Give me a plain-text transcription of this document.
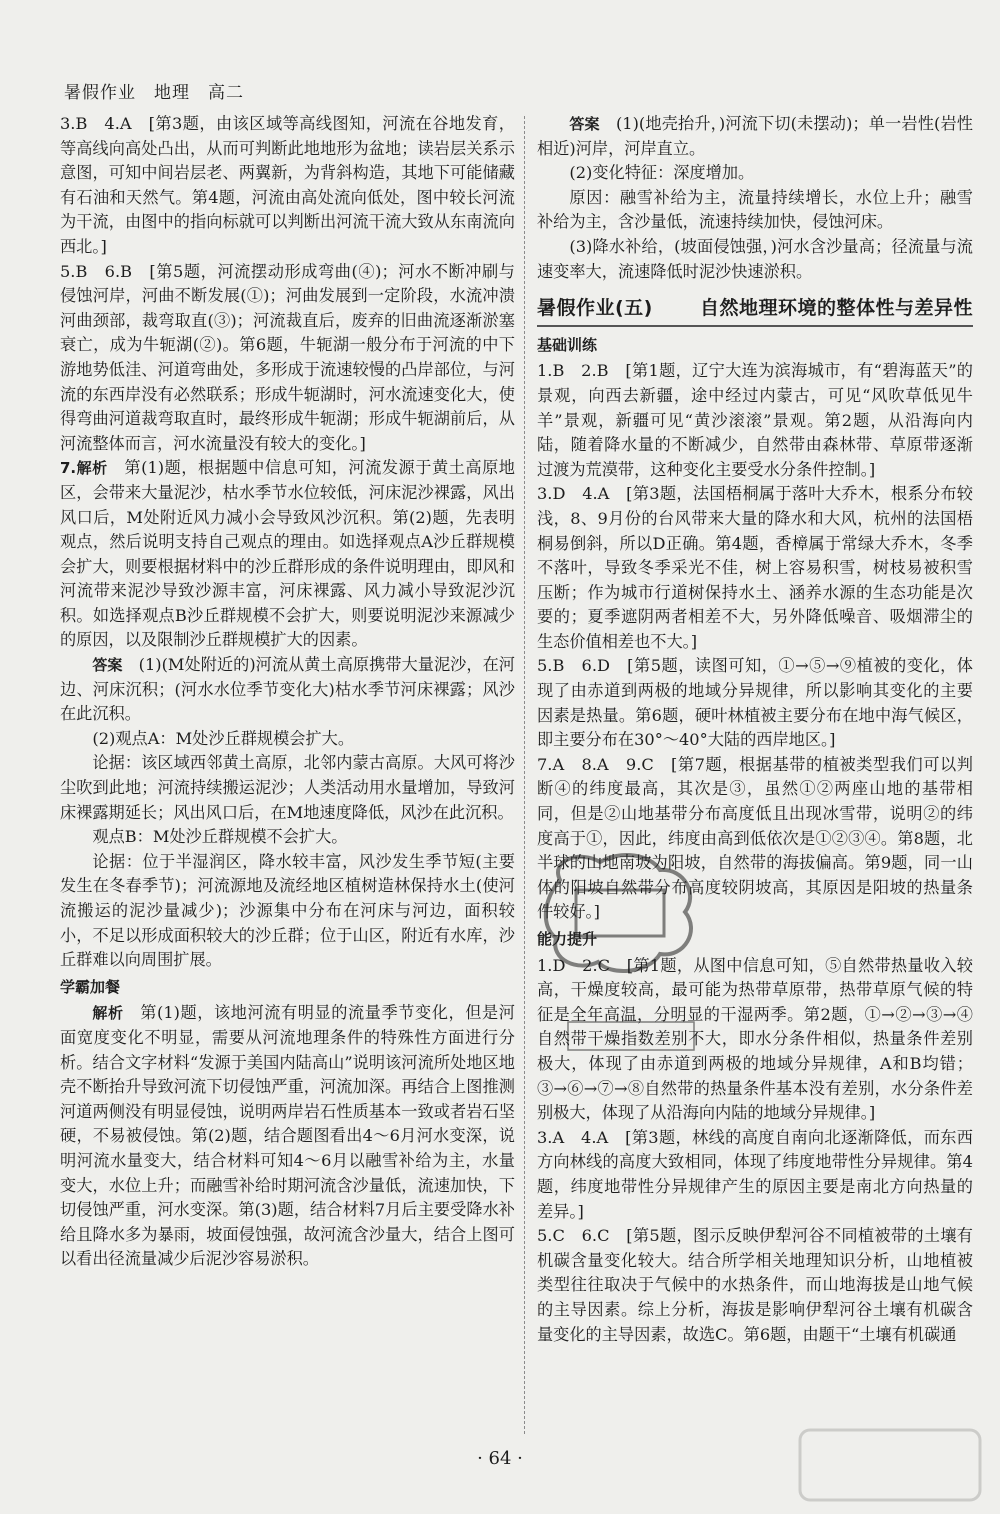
暑假作业　地理　高二

3.B　4.A　[第3题，由该区域等高线图知，河流在谷地发育，等高线向高处凸出，从而可判断此地地形为盆地；读岩层关系示意图，可知中间岩层老、两翼新，为背斜构造，其地下可能储藏有石油和天然气。第4题，河流由高处流向低处，图中较长河流为干流，由图中的指向标就可以判断出河流干流大致从东南流向西北。]

5.B　6.B　[第5题，河流摆动形成弯曲(④)；河水不断冲刷与侵蚀河岸，河曲不断发展(①)；河曲发展到一定阶段，水流冲溃河曲颈部，裁弯取直(③)；河流裁直后，废弃的旧曲流逐渐淤塞衰亡，成为牛轭湖(②)。第6题，牛轭湖一般分布于河流的中下游地势低洼、河道弯曲处，多形成于流速较慢的凸岸部位，与河流的东西岸没有必然联系；形成牛轭湖时，河水流速变化大，使得弯曲河道裁弯取直时，最终形成牛轭湖；形成牛轭湖前后，从河流整体而言，河水流量没有较大的变化。]

7.解析　第(1)题，根据题中信息可知，河流发源于黄土高原地区，会带来大量泥沙，枯水季节水位较低，河床泥沙裸露，风出风口后，M处附近风力减小会导致风沙沉积。第(2)题，先表明观点，然后说明支持自己观点的理由。如选择观点A沙丘群规模会扩大，则要根据材料中的沙丘群形成的条件说明理由，即风和河流带来泥沙导致沙源丰富，河床裸露、风力减小导致泥沙沉积。如选择观点B沙丘群规模不会扩大，则要说明泥沙来源减少的原因，以及限制沙丘群规模扩大的因素。

答案　(1)(M处附近的)河流从黄土高原携带大量泥沙，在河边、河床沉积；(河水水位季节变化大)枯水季节河床裸露；风沙在此沉积。

(2)观点A：M处沙丘群规模会扩大。

论据：该区域西邻黄土高原，北邻内蒙古高原。大风可将沙尘吹到此地；河流持续搬运泥沙；人类活动用水量增加，导致河床裸露期延长；风出风口后，在M地速度降低，风沙在此沉积。

观点B：M处沙丘群规模不会扩大。

论据：位于半湿润区，降水较丰富，风沙发生季节短(主要发生在冬春季节)；河流源地及流经地区植树造林保持水土(使河流搬运的泥沙量减少)；沙源集中分布在河床与河边，面积较小，不足以形成面积较大的沙丘群；位于山区，附近有水库，沙丘群难以向周围扩展。

学霸加餐

解析　第(1)题，该地河流有明显的流量季节变化，但是河面宽度变化不明显，需要从河流地理条件的特殊性方面进行分析。结合文字材料“发源于美国内陆高山”说明该河流所处地区地壳不断抬升导致河流下切侵蚀严重，河流加深。再结合上图推测河道两侧没有明显侵蚀，说明两岸岩石性质基本一致或者岩石坚硬，不易被侵蚀。第(2)题，结合题图看出4～6月河水变深，说明河流水量变大，结合材料可知4～6月以融雪补给为主，水量变大，水位上升；而融雪补给时期河流含沙量低，流速加快，下切侵蚀严重，河水变深。第(3)题，结合材料7月后主要受降水补给且降水多为暴雨，坡面侵蚀强，故河流含沙量大，结合上图可以看出径流量减少后泥沙容易淤积。

答案　(1)(地壳抬升，)河流下切(未摆动)；单一岩性(岩性相近)河岸，河岸直立。

(2)变化特征：深度增加。

原因：融雪补给为主，流量持续增长，水位上升；融雪补给为主，含沙量低，流速持续加快，侵蚀河床。

(3)降水补给，(坡面侵蚀强，)河水含沙量高；径流量与流速变率大，流速降低时泥沙快速淤积。

暑假作业(五) 自然地理环境的整体性与差异性
基础训练

1.B　2.B　[第1题，辽宁大连为滨海城市，有“碧海蓝天”的景观，向西去新疆，途中经过内蒙古，可见“风吹草低见牛羊”景观，新疆可见“黄沙滚滚”景观。第2题，从沿海向内陆，随着降水量的不断减少，自然带由森林带、草原带逐渐过渡为荒漠带，这种变化主要受水分条件控制。]

3.D　4.A　[第3题，法国梧桐属于落叶大乔木，根系分布较浅，8、9月份的台风带来大量的降水和大风，杭州的法国梧桐易倒斜，所以D正确。第4题，香樟属于常绿大乔木，冬季不落叶，导致冬季采光不佳，树上容易积雪，树枝易被积雪压断；作为城市行道树保持水土、涵养水源的生态功能是次要的；夏季遮阴两者相差不大，另外降低噪音、吸烟滞尘的生态价值相差也不大。]

5.B　6.D　[第5题，读图可知，①→⑤→⑨植被的变化，体现了由赤道到两极的地域分异规律，所以影响其变化的主要因素是热量。第6题，硬叶林植被主要分布在地中海气候区，即主要分布在30°～40°大陆的西岸地区。]

7.A　8.A　9.C　[第7题，根据基带的植被类型我们可以判断④的纬度最高，其次是③，虽然①②两座山地的基带相同，但是②山地基带分布高度低且出现冰雪带，说明②的纬度高于①，因此，纬度由高到低依次是①②③④。第8题，北半球的山地南坡为阳坡，自然带的海拔偏高。第9题，同一山体的阳坡自然带分布高度较阴坡高，其原因是阳坡的热量条件较好。]

能力提升

1.D　2.C　[第1题，从图中信息可知，⑤自然带热量收入较高，干燥度较高，最可能为热带草原带，热带草原气候的特征是全年高温，分明显的干湿两季。第2题，①→②→③→④自然带干燥指数差别不大，即水分条件相似，热量条件差别极大，体现了由赤道到两极的地域分异规律，A和B均错；③→⑥→⑦→⑧自然带的热量条件基本没有差别，水分条件差别极大，体现了从沿海向内陆的地域分异规律。]

3.A　4.A　[第3题，林线的高度自南向北逐渐降低，而东西方向林线的高度大致相同，体现了纬度地带性分异规律。第4题，纬度地带性分异规律产生的原因主要是南北方向热量的差异。]

5.C　6.C　[第5题，图示反映伊犁河谷不同植被带的土壤有机碳含量变化较大。结合所学相关地理知识分析，山地植被类型往往取决于气候中的水热条件，而山地海拔是山地气候的主导因素。综上分析，海拔是影响伊犁河谷土壤有机碳含量变化的主导因素，故选C。第6题，由题干“土壤有机碳通

· 64 ·
